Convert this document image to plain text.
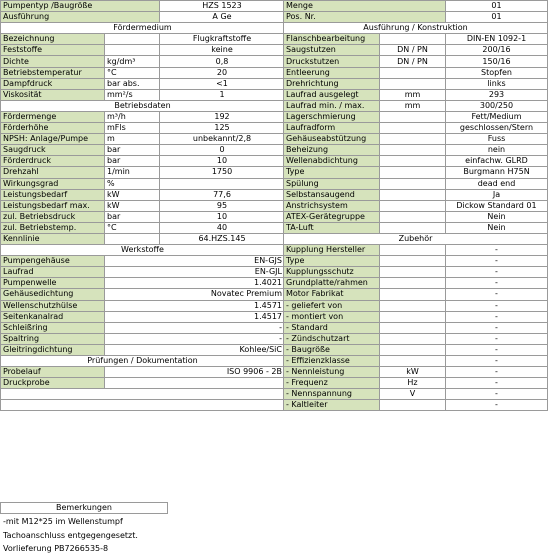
Pumpentyp /Baugröße		HZS 1523
Ausführung		A Ge
Fördermedium		
Bezeichnung		Flugkraftstoffe
Feststoffe		keine
Dichte	kg/dm³	0,8
Betriebstemperatur	°C	20
Dampfdruck	bar abs.	<1
Viskosität	mm²/s	1
Betriebsdaten		
Fördermenge	m³/h	192
Förderhöhe	mFls	125
NPSH: Anlage/Pumpe	m	unbekannt/2,8
Saugdruck	bar	0
Förderdruck	bar	10
Drehzahl	1/min	1750
Wirkungsgrad	%	
Leistungsbedarf	kW	77,6
Leistungsbedarf max.	kW	95
zul. Betriebsdruck	bar	10
zul. Betriebstemp.	°C	40
Kennlinie		64.HZS.145
Werkstoffe		
Pumpengehäuse	EN-GJS	
Laufrad	EN-GJL	
Pumpenwelle	1.4021	
Gehäusedichtung	Novatec Premium	
Wellenschutzhülse	1.4571	
Seitenkanalrad	1.4517	
Schleißring	-	
Spaltring	-	
Gleitringdichtung	Kohlee/SiC	
Prüfungen / Dokumentation		
Probelauf	ISO 9906 - 2B	
Druckprobe		

Menge		01
Pos. Nr.		01
Ausführung / Konstruktion		
Flanschbearbeitung		DIN-EN 1092-1
Saugstutzen	DN / PN	200/16
Druckstutzen	DN / PN	150/16
Entleerung		Stopfen
Drehrichtung		links
Laufrad ausgelegt	mm	293
Laufrad min. / max.	mm	300/250
Lagerschmierung		Fett/Medium
Laufradform		geschlossen/Stern
Gehäuseabstützung		Fuss
Beheizung		nein
Wellenabdichtung		einfachw. GLRD
Type		Burgmann H75N
Spülung		dead end
Selbstansaugend		Ja
Anstrichsystem		Dickow Standard 01
ATEX-Gerätegruppe		Nein
TA-Luft		Nein
Zubehör		
Kupplung Hersteller		-
Type		-
Kupplungsschutz		-
Grundplatte/rahmen		-
Motor Fabrikat		-
- geliefert von		-
- montiert von		-
- Standard		-
- Zündschutzart		-
- Baugröße		-
- Effizienzklasse		-
- Nennleistung	kW	-
- Frequenz	Hz	-
- Nennspannung	V	-
- Kaltleiter		-
Bemerkungen
-mit M12*25 im Wellenstumpf
Tachoanschluss entgegengesetzt.
Vorlieferung PB7266535-8
